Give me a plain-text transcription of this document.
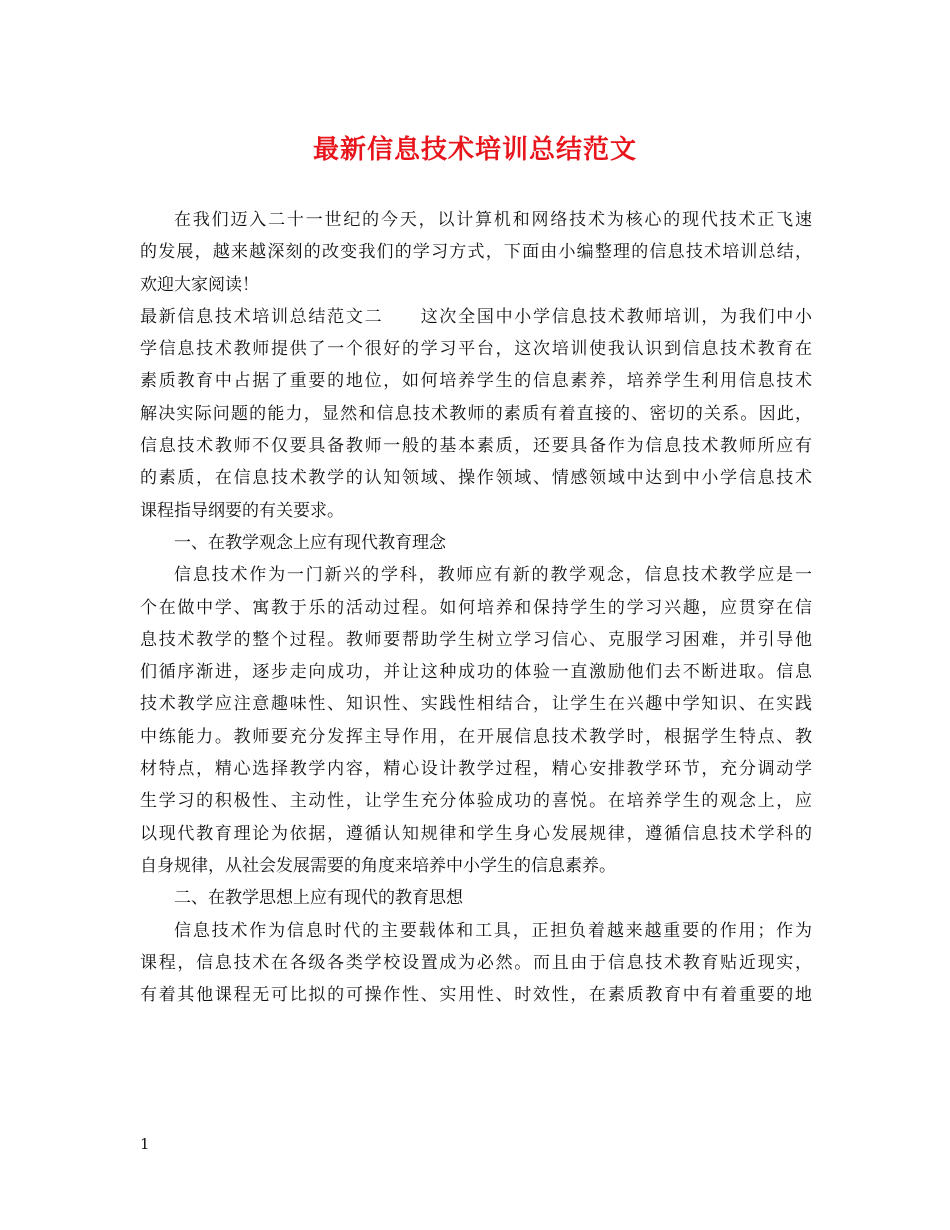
最新信息技术培训总结范文
在我们迈入二十一世纪的今天，以计算机和网络技术为核心的现代技术正飞速
的发展，越来越深刻的改变我们的学习方式，下面由小编整理的信息技术培训总结，
欢迎大家阅读！
最新信息技术培训总结范文二　　这次全国中小学信息技术教师培训，为我们中小
学信息技术教师提供了一个很好的学习平台，这次培训使我认识到信息技术教育在
素质教育中占据了重要的地位，如何培养学生的信息素养，培养学生利用信息技术
解决实际问题的能力，显然和信息技术教师的素质有着直接的、密切的关系。因此，
信息技术教师不仅要具备教师一般的基本素质，还要具备作为信息技术教师所应有
的素质，在信息技术教学的认知领域、操作领域、情感领域中达到中小学信息技术
课程指导纲要的有关要求。
一、在教学观念上应有现代教育理念
信息技术作为一门新兴的学科，教师应有新的教学观念，信息技术教学应是一
个在做中学、寓教于乐的活动过程。如何培养和保持学生的学习兴趣，应贯穿在信
息技术教学的整个过程。教师要帮助学生树立学习信心、克服学习困难，并引导他
们循序渐进，逐步走向成功，并让这种成功的体验一直激励他们去不断进取。信息
技术教学应注意趣味性、知识性、实践性相结合，让学生在兴趣中学知识、在实践
中练能力。教师要充分发挥主导作用，在开展信息技术教学时，根据学生特点、教
材特点，精心选择教学内容，精心设计教学过程，精心安排教学环节，充分调动学
生学习的积极性、主动性，让学生充分体验成功的喜悦。在培养学生的观念上，应
以现代教育理论为依据，遵循认知规律和学生身心发展规律，遵循信息技术学科的
自身规律，从社会发展需要的角度来培养中小学生的信息素养。
二、在教学思想上应有现代的教育思想
信息技术作为信息时代的主要载体和工具，正担负着越来越重要的作用；作为
课程，信息技术在各级各类学校设置成为必然。而且由于信息技术教育贴近现实，
有着其他课程无可比拟的可操作性、实用性、时效性，在素质教育中有着重要的地
1
